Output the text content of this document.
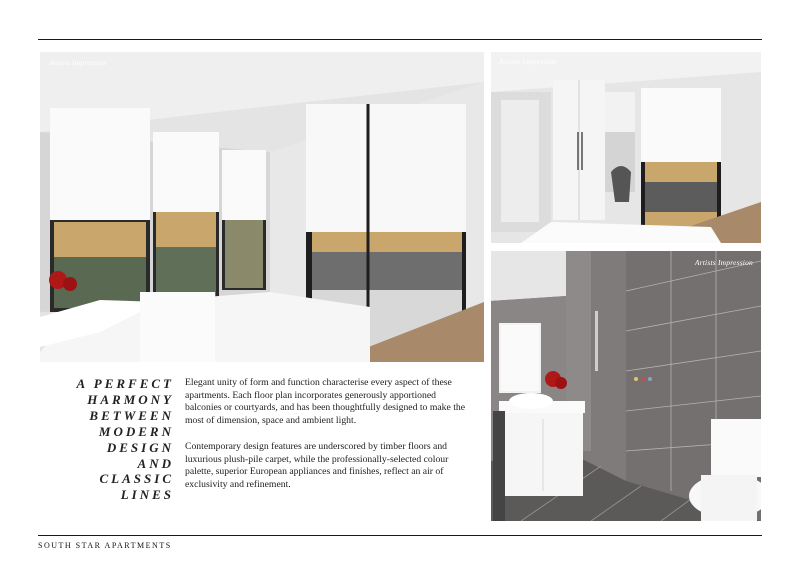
Artists Impression	Artists Impression
Artists Impression
A PERFECT
HARMONY
BETWEEN
MODERN
DESIGN
AND
CLASSIC
LINES

Elegant unity of form and function characterise every aspect of these apartments. Each floor plan incorporates generously apportioned balconies or courtyards, and has been thoughtfully designed to make the most of dimension, space and ambient light.

Contemporary design features are underscored by timber floors and luxurious plush-pile carpet, while the professionally-selected colour palette, superior European appliances and finishes, reflect an air of exclusivity and refinement.

SOUTH STAR APARTMENTS
